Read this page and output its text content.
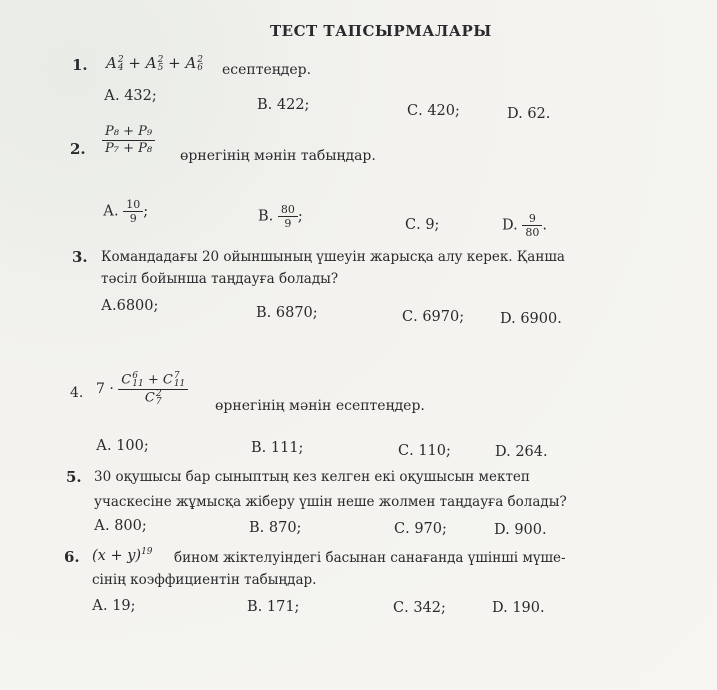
ТЕСТ ТАПСЫРМАЛАРЫ
1. A 2
4 + A 2
5 + A 2
6 есептеңдер.
А. 432;
В. 422;	С. 420;	D. 62.
2. $\frac{\text{P₈ + P₉}}{\text{P₇ + P₈}}$ өрнегінің мәнін табыңдар.
А. $\frac{10}{9}$ ;	В. $\frac{80}{9}$ ;
С. 9;	D. $\frac{9}{80}$ .
3. Командадағы 20 ойыншының үшеуін жарысқа алу керек. Қанша
тәсіл бойынша таңдауға болады?
А.6800;	В. 6870;	С. 6970; D. 6900.
4. 7 · C 6
11 + C 7
11
C 2
7 өрнегінің мәнін есептеңдер.
А. 100;	В. 111;	С. 110;	D. 264.
5. 30 оқушысы бар сыныптың кез келген екі оқушысын мектеп
учаскесіне жұмысқа жіберу үшін неше жолмен таңдауға болады?
А. 800;	В. 870;	С. 970;	D. 900.
6. $(x + y)^{19}$ бином жіктелуіндегі басынан санағанда үшінші мүше-
сінің коэффициентін табыңдар.
А. 19;	В. 171;	С. 342;	D. 190.
